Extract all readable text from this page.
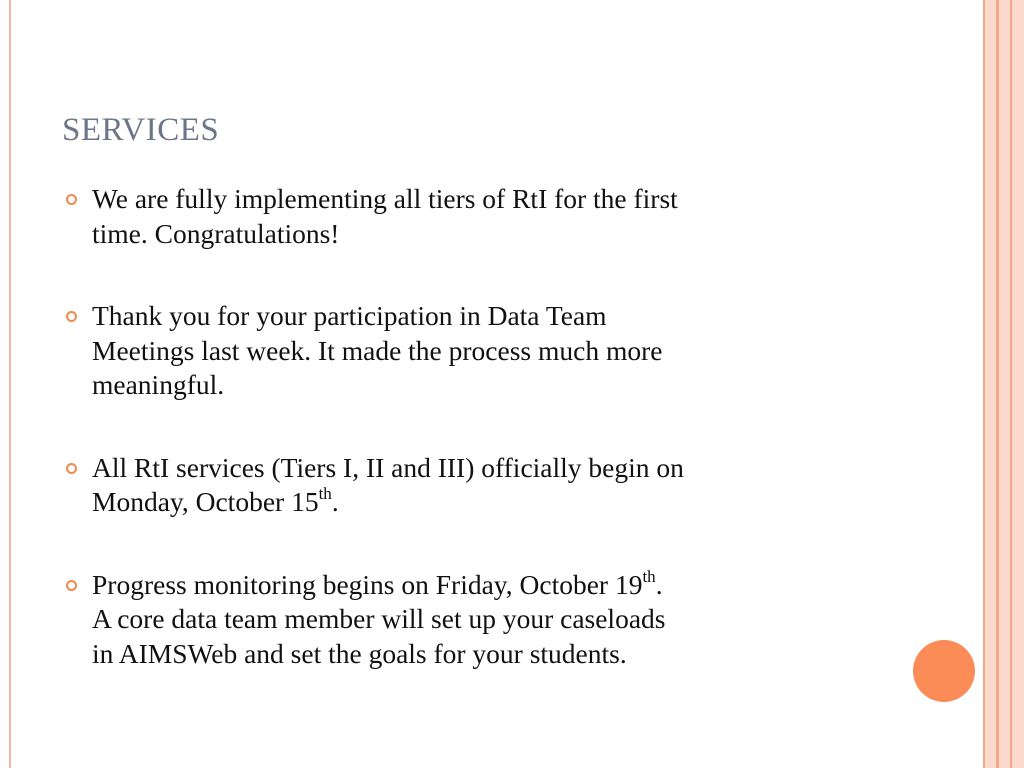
SERVICES
We are fully implementing all tiers of RtI for the first
time. Congratulations!
Thank you for your participation in Data Team
Meetings last week. It made the process much more
meaningful.
All RtI services (Tiers I, II and III) officially begin on
Monday, October 15th.
Progress monitoring begins on Friday, October 19th.
A core data team member will set up your caseloads
in AIMSWeb and set the goals for your students.
